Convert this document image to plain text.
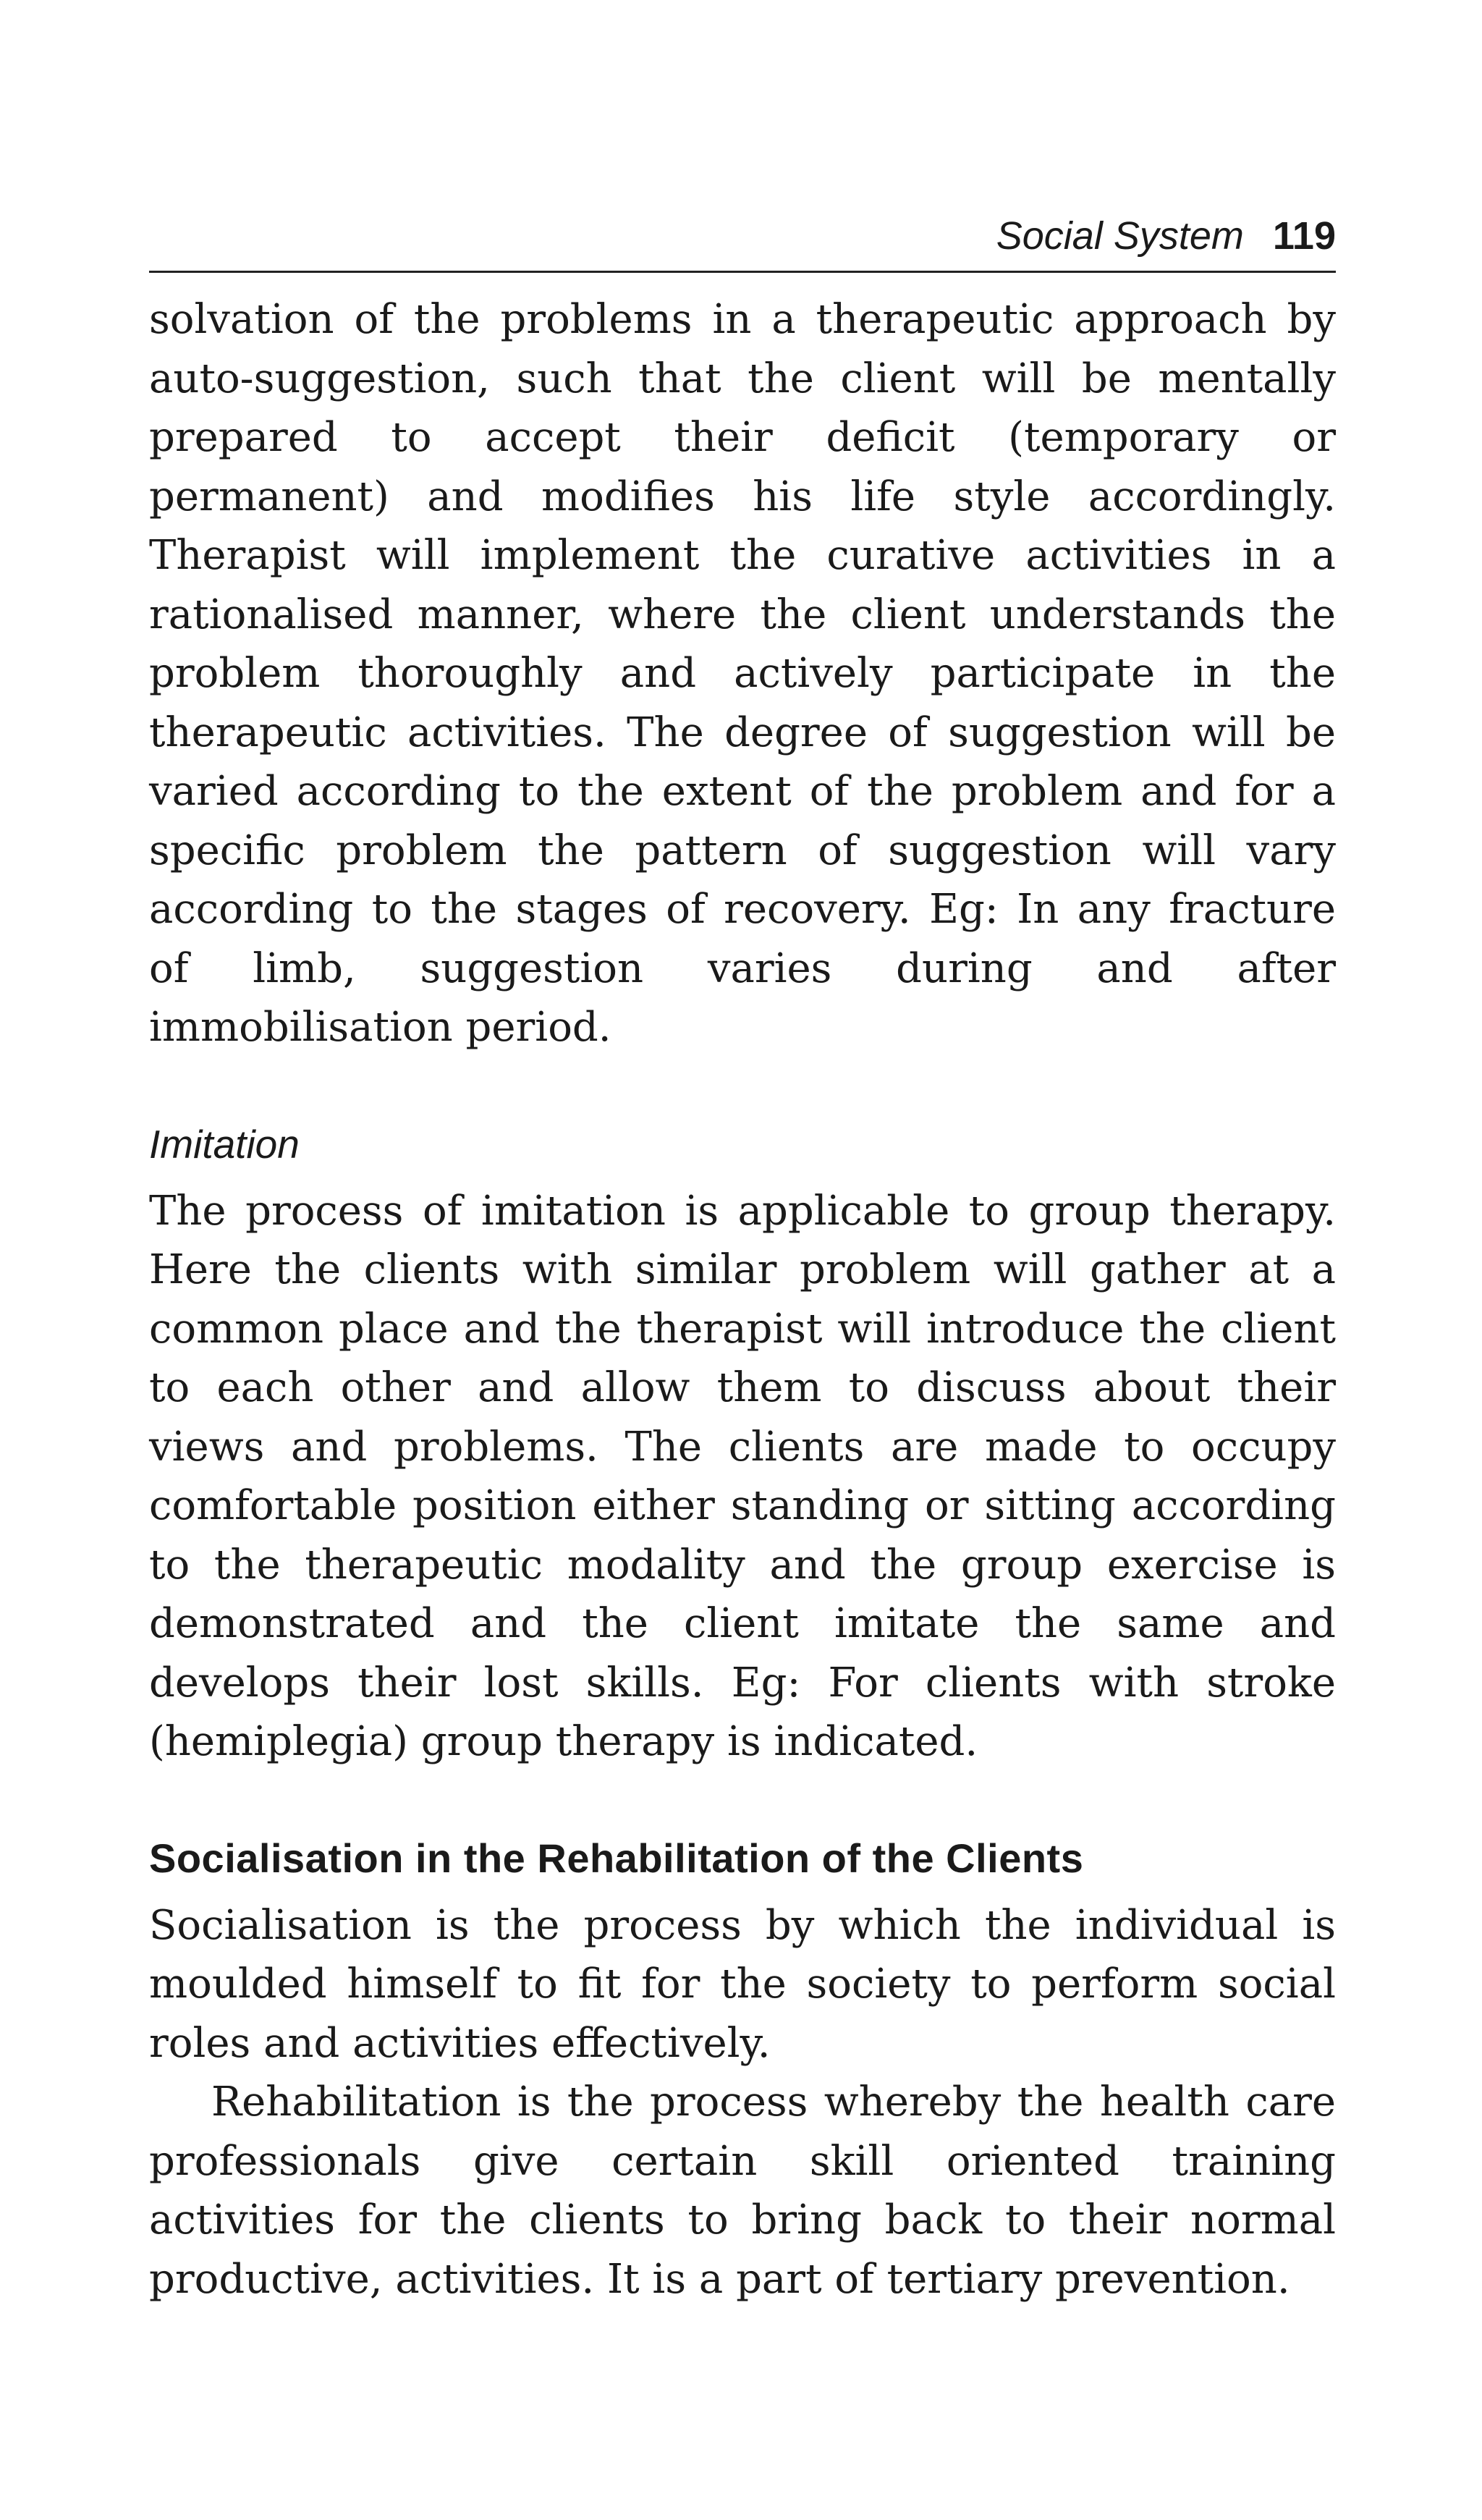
Social System 119

solvation of the problems in a therapeutic approach by auto-suggestion, such that the client will be mentally prepared to accept their deficit (temporary or permanent) and modifies his life style accordingly. Therapist will implement the curative activities in a rationalised manner, where the client understands the problem thoroughly and actively participate in the therapeutic activities. The degree of suggestion will be varied according to the extent of the problem and for a specific problem the pattern of suggestion will vary according to the stages of recovery. Eg: In any fracture of limb, suggestion varies during and after immobilisation period.

Imitation

The process of imitation is applicable to group therapy. Here the clients with similar problem will gather at a common place and the therapist will introduce the client to each other and allow them to discuss about their views and problems. The clients are made to occupy comfortable position either standing or sitting according to the therapeutic modality and the group exercise is demonstrated and the client imitate the same and develops their lost skills. Eg: For clients with stroke (hemiplegia) group therapy is indicated.

Socialisation in the Rehabilitation of the Clients

Socialisation is the process by which the individual is moulded himself to fit for the society to perform social roles and activities effectively.

Rehabilitation is the process whereby the health care professionals give certain skill oriented training activities for the clients to bring back to their normal productive, activities. It is a part of tertiary prevention.
